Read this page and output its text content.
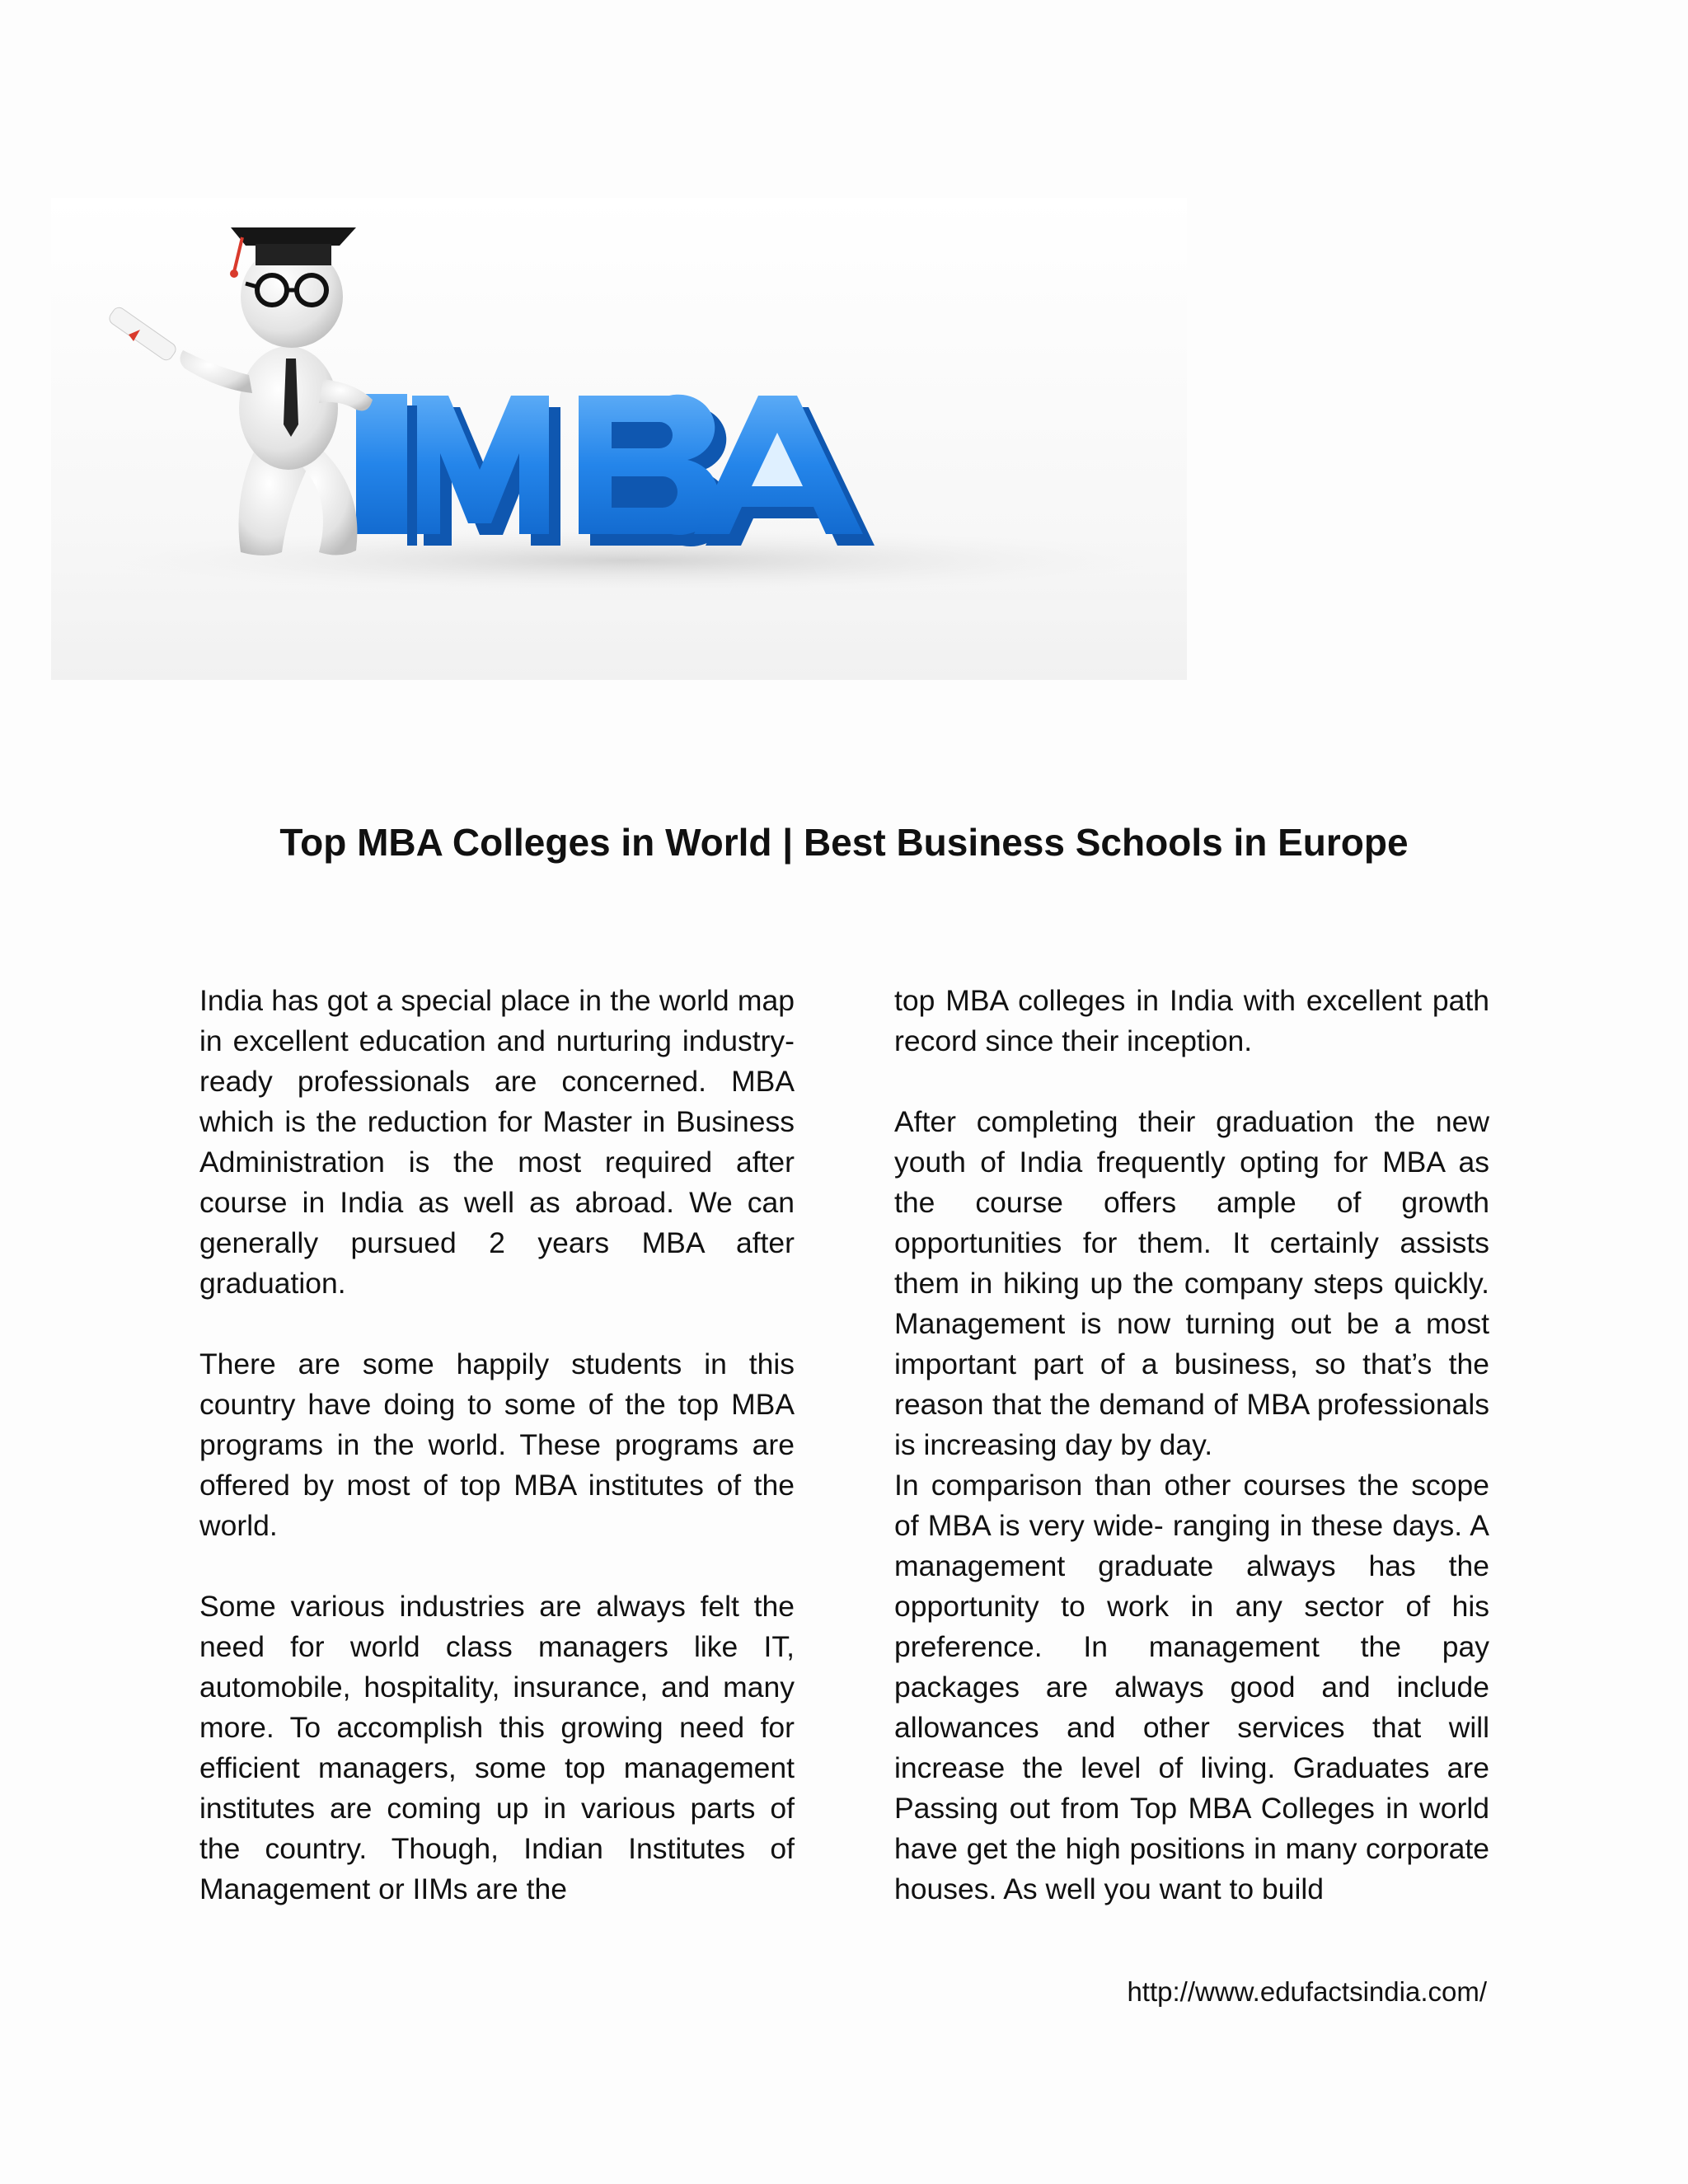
Top MBA Colleges in World | Best Business Schools in Europe

India has got a special place in the world map in excellent education and nurturing industry- ready professionals are concerned. MBA which is the reduction for Master in Business Administration is the most required after course in India as well as abroad. We can generally pursued 2 years MBA after graduation.

There are some happily students in this country have doing to some of the top MBA programs in the world. These programs are offered by most of top MBA institutes of the world.

Some various industries are always felt the need for world class managers like IT, automobile, hospitality, insurance, and many more. To accomplish this growing need for efficient managers, some top management institutes are coming up in various parts of the country. Though, Indian Institutes of Management or IIMs are the

top MBA colleges in India with excellent path record since their inception.

After completing their graduation the new youth of India frequently opting for MBA as the course offers ample of growth opportunities for them. It certainly assists them in hiking up the company steps quickly. Management is now turning out be a most important part of a business, so that’s the reason that the demand of MBA professionals is increasing day by day.

In comparison than other courses the scope of MBA is very wide- ranging in these days. A management graduate always has the opportunity to work in any sector of his preference. In management the pay packages are always good and include allowances and other services that will increase the level of living. Graduates are Passing out from Top MBA Colleges in world have get the high positions in many corporate houses. As well you want to build

http://www.edufactsindia.com/
